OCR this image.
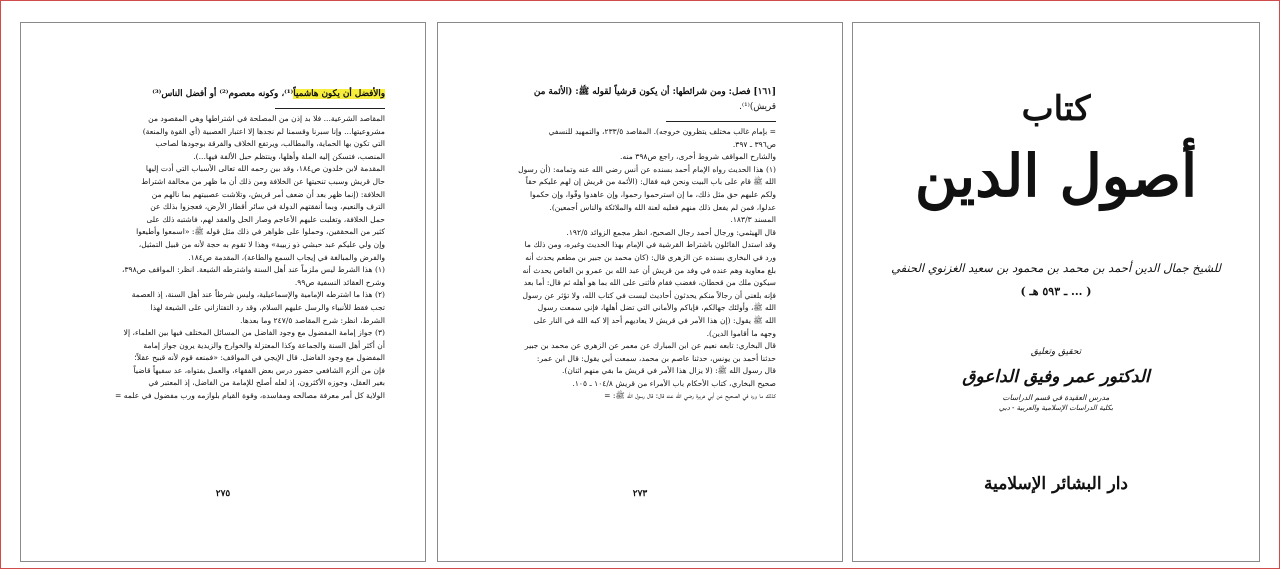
والأفضل أن يكون هاشمياً⁽¹⁾، وكونه معصوم⁽²⁾ أو أفضل الناس⁽³⁾
المقاصد الشرعية... فلا بد إذن من المصلحة في اشتراطها وهي المقصود من
مشروعيتها... وإنا سبرنا وقسمنا لم نجدها إلا اعتبار العصبية (أي القوة والمنعة)
التي تكون بها الحماية، والمطالب، ويرتفع الخلاف والفرقة بوجودها لصاحب
المنصب، فتسكن إليه الملة وأهلها، وينتظم حبل الألفة فيها...).
المقدمة لابن خلدون ص١٨٤، وقد بين رحمه الله تعالى الأسباب التي أدت إليها
حال قريش وسبب تنحيتها عن الخلافة ومن ذلك أن ما ظهر من مخالفة اشتراط
الخلافة: (إنما ظهر بعد أن ضعف أمر قريش، وتلاشت عصبيتهم بما نالهم من
الترف والنعيم، وبما أنفقتهم الدولة في سائر أقطار الأرض، فعجزوا بذلك عن
حمل الخلافة، وتغلبت عليهم الأعاجم وصار الحل والعقد لهم، فاشتبه ذلك على
كثير من المحققين، وحملوا على ظواهر في ذلك مثل قوله ﷺ: «اسمعوا وأطيعوا
وإن ولي عليكم عبد حبشي ذو زبيبة» وهذا لا تقوم به حجة لأنه من قبيل التمثيل،
والفرض والمبالغة في إيجاب السمع والطاعة)، المقدمة ص١٨٤.
(١) هذا الشرط ليس ملزماً عند أهل السنة واشترطه الشيعة. انظر: المواقف ص٣٩٨،
وشرح العقائد النسفية ص٩٩.
(٢) هذا ما اشترطه الإمامية والإسماعيلية، وليس شرطاً عند أهل السنة، إذ العصمة
تجب فقط للأنبياء والرسل عليهم السلام، وقد رد التفتازاني على الشيعة لهذا
الشرط، انظر: شرح المقاصد ٢٤٧/٥ وما بعدها.
(٣) جواز إمامة المفضول مع وجود الفاضل من المسائل المختلف فيها بين العلماء، إلا
أن أكثر أهل السنة والجماعة وكذا المعتزلة والخوارج والزيدية يرون جواز إمامة
المفضول مع وجود الفاضل. قال الإيجي في المواقف: «فمنعه قوم لأنه قبيح عقلاً؛
فإن من ألزم الشافعي حضور درس بعض الفقهاء، والعمل بفتواه، عد سفيهاً قاضياً
بغير العقل، وجوزه الأكثرون، إذ لعله أصلح للإمامة من الفاضل، إذ المعتبر في
الولاية كل أمر معرفة مصالحه ومفاسده، وقوة القيام بلوازمه ورب مفضول في علمه =
٢٧٥
[١٦١] فصل: ومن شرائطها: أن يكون قرشياً لقوله ﷺ: (الأئمة من
قريش)⁽¹⁾.
= بإمام غالب مختلف يتظرون خروجه). المقاصد ٢٣٣/٥، والتمهيد للنسفي
ص٣٩٦ ـ ٣٩٧.
والشارح المواقف شروط أخرى، راجع ص٣٩٨ منه.
(١) هذا الحديث رواه الإمام أحمد بسنده عن أنس رضي الله عنه وتمامه: (أن رسول
الله ﷺ قام على باب البيت ونحن فيه فقال: (الأئمة من قريش إن لهم عليكم حقاً
ولكم عليهم حق مثل ذلك، ما إن استرحموا رحموا، وإن عاهدوا وفّوا، وإن حكموا
عدلوا، فمن لم يفعل ذلك منهم فعليه لعنة الله والملائكة والناس أجمعين).
المسند ١٨٣/٣.
قال الهيثمي: ورجال أحمد رجال الصحيح، انظر مجمع الزوائد ١٩٢/٥.
وقد استدل القائلون باشتراط القرشية في الإمام بهذا الحديث وغيره، ومن ذلك ما
ورد في البخاري بسنده عن الزهري قال: (كان محمد بن جبير بن مطعم يحدث أنه
بلغ معاوية وهم عنده في وفد من قريش أن عبد الله بن عمرو بن العاص يحدث أنه
سيكون ملك من قحطان، فغضب فقام فأثنى على الله بما هو أهله ثم قال: أما بعد
فإنه بلغني أن رجالاً منكم يحدثون أحاديث ليست في كتاب الله، ولا تؤثر عن رسول
الله ﷺ، وأولئك جهالكم، فإياكم والأماني التي تضل أهلها، فإني سمعت رسول
الله ﷺ يقول: (إن هذا الأمر في قريش لا يعاديهم أحد إلا كبه الله في النار على
وجهه ما أقاموا الدين).
قال البخاري: تابعه نعيم عن ابن المبارك عن معمر عن الزهري عن محمد بن جبير
حدثنا أحمد بن يونس، حدثنا عاصم بن محمد، سمعت أبي يقول: قال ابن عمر:
قال رسول الله ﷺ: (لا يزال هذا الأمر في قريش ما بقي منهم اثنان).
صحيح البخاري، كتاب الأحكام باب الأمراء من قريش ١٠٤/٨ ـ ١٠٥.
كذلك ما ورد في الصحيح عن أبي هريرة رضي الله عنه قال: قال رسول الله ﷺ: =
٢٧٣
كتاب
أصول الدين
للشيخ جمال الدين أحمد بن محمد بن محمود بن سعيد الغزنوي الحنفي
( ... ـ ٥٩٣ هـ )
تحقيق وتعليق
الدكتور عمر وفيق الداعوق
مدرس العقيدة في قسم الدراسات
بكلية الدراسات الإسلامية والعربية - دبي
دار البشائر الإسلامية
